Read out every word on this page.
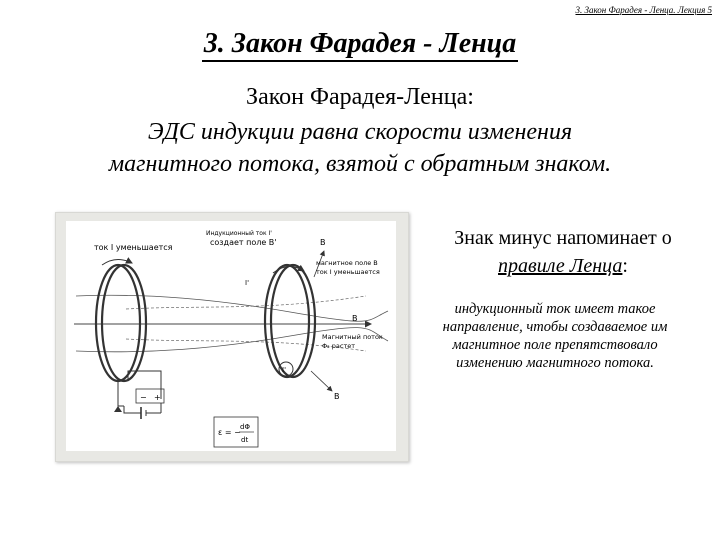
3. Закон Фарадея - Ленца. Лекция 5
3. Закон Фарадея - Ленца
Закон Фарадея-Ленца:
ЭДС индукции равна скорости изменения
магнитного потока, взятой с обратным знаком.
+
−
ток I уменьшается
I'
Индукционный ток I'
создает поле B'
I'
B
B
B
магнитное поле B
ток I уменьшается
Магнитный поток
Φ₂ растет
ε = −
dΦ
dt
Знак минус напоминает о
правиле Ленца:
индукционный ток имеет такое направление, чтобы создаваемое им магнитное поле препятствовало изменению магнитного потока.
